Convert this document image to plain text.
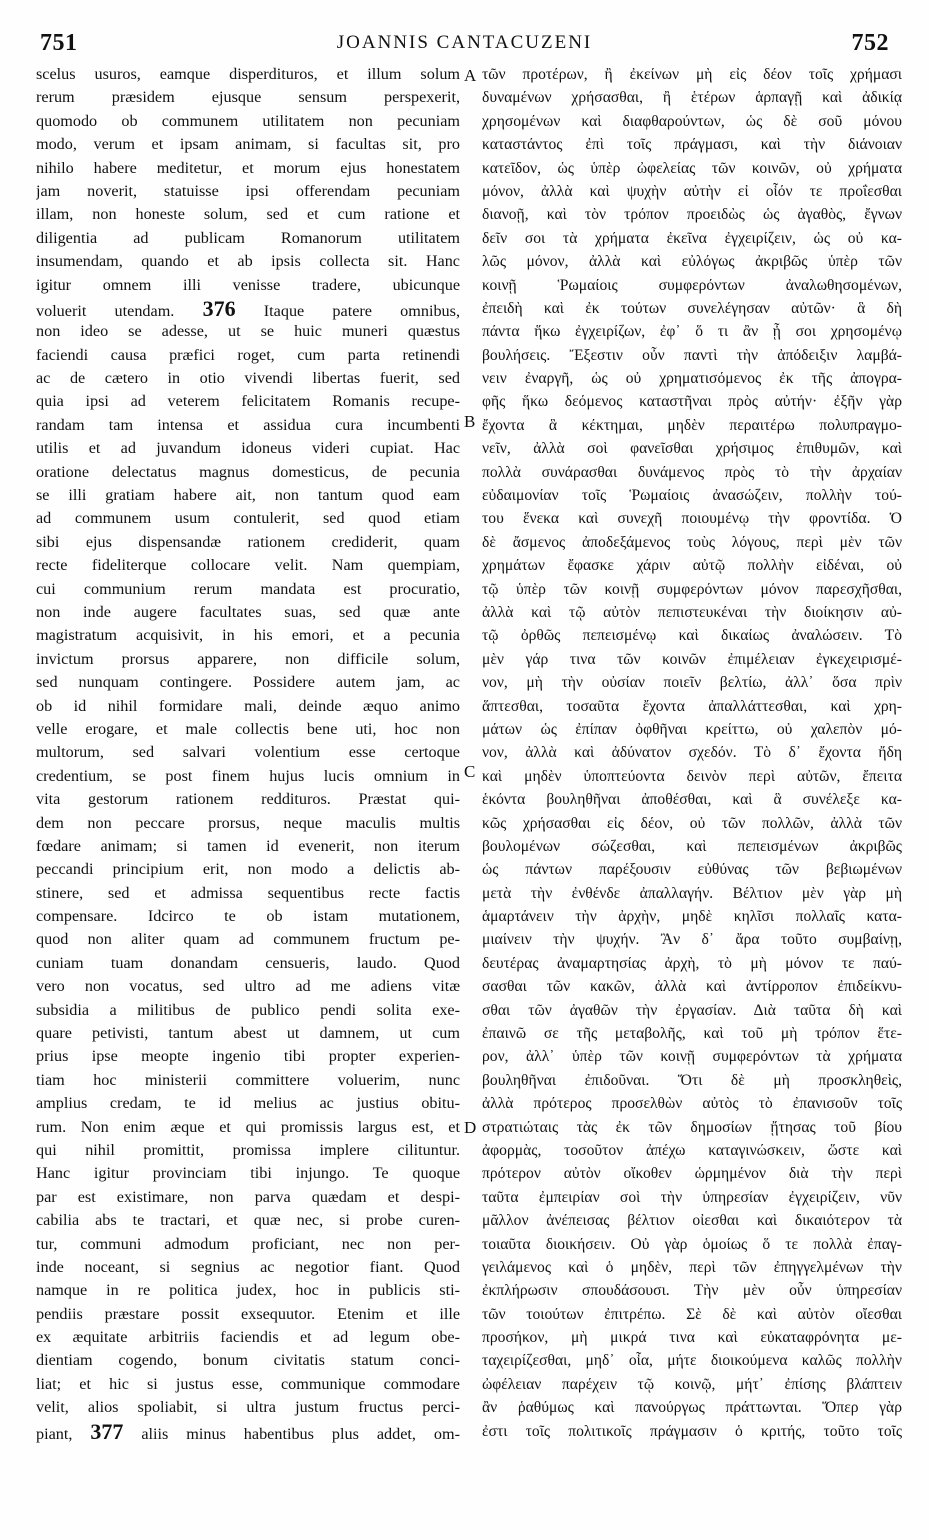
751	JOANNIS CANTACUZENI	752
A
B
C
D
scelus usuros, eamque disperdituros, et illum solum
rerum præsidem ejusque sensum perspexerit,
quomodo ob communem utilitatem non pecuniam
modo, verum et ipsam animam, si facultas sit, pro
nihilo habere meditetur, et morum ejus honestatem
jam noverit, statuisse ipsi offerendam pecuniam
illam, non honeste solum, sed et cum ratione et
diligentia ad publicam Romanorum utilitatem
insumendam, quando et ab ipsis collecta sit. Hanc
igitur omnem illi venisse tradere, ubicunque
voluerit utendam. 376 Itaque patere omnibus,
non ideo se adesse, ut se huic muneri quæstus
faciendi causa præfici roget, cum parta retinendi
ac de cætero in otio vivendi libertas fuerit, sed
quia ipsi ad veterem felicitatem Romanis recupe-
randam tam intensa et assidua cura incumbenti
utilis et ad juvandum idoneus videri cupiat. Hac
oratione delectatus magnus domesticus, de pecunia
se illi gratiam habere ait, non tantum quod eam
ad communem usum contulerit, sed quod etiam
sibi ejus dispensandæ rationem crediderit, quam
recte fideliterque collocare velit. Nam quempiam,
cui communium rerum mandata est procuratio,
non inde augere facultates suas, sed quæ ante
magistratum acquisivit, in his emori, et a pecunia
invictum prorsus apparere, non difficile solum,
sed nunquam contingere. Possidere autem jam, ac
ob id nihil formidare mali, deinde æquo animo
velle erogare, et male collectis bene uti, hoc non
multorum, sed salvari volentium esse certoque
credentium, se post finem hujus lucis omnium in
vita gestorum rationem reddituros. Præstat qui-
dem non peccare prorsus, neque maculis multis
fœdare animam; si tamen id evenerit, non iterum
peccandi principium erit, non modo a delictis ab-
stinere, sed et admissa sequentibus recte factis
compensare. Idcirco te ob istam mutationem,
quod non aliter quam ad communem fructum pe-
cuniam tuam donandam censueris, laudo. Quod
vero non vocatus, sed ultro ad me adiens vitæ
subsidia a militibus de publico pendi solita exe-
quare petivisti, tantum abest ut damnem, ut cum
prius ipse meopte ingenio tibi propter experien-
tiam hoc ministerii committere voluerim, nunc
amplius credam, te id melius ac justius obitu-
rum. Non enim æque et qui promissis largus est, et
qui nihil promittit, promissa implere cilituntur.
Hanc igitur provinciam tibi injungo. Te quoque
par est existimare, non parva quædam et despi-
cabilia abs te tractari, et quæ nec, si probe curen-
tur, communi admodum proficiant, nec non per-
inde noceant, si segnius ac negotior fiant. Quod
namque in re politica judex, hoc in publicis sti-
pendiis præstare possit exsequutor. Etenim et ille
ex æquitate arbitriis faciendis et ad legum obe-
dientiam cogendo, bonum civitatis statum conci-
liat; et hic si justus esse, communique commodare
velit, alios spoliabit, si ultra justum fructus perci-
piant, 377 aliis minus habentibus plus addet, om-
τῶν προτέρων, ἢ ἐκείνων μὴ εἰς δέον τοῖς χρήμασι
δυναμένων χρήσασθαι, ἢ ἑτέρων ἁρπαγῇ καὶ ἀδικίᾳ
χρησομένων καὶ διαφθαρούντων, ὡς δὲ σοῦ μόνου
καταστάντος ἐπὶ τοῖς πράγμασι, καὶ τὴν διάνοιαν
κατεῖδον, ὡς ὑπὲρ ὠφελείας τῶν κοινῶν, οὐ χρήματα
μόνον, ἀλλὰ καὶ ψυχὴν αὐτὴν εἰ οἷόν τε προΐεσθαι
διανοῇ, καὶ τὸν τρόπον προειδὼς ὡς ἀγαθὸς, ἔγνων
δεῖν σοι τὰ χρήματα ἐκεῖνα ἐγχειρίζειν, ὡς οὐ κα-
λῶς μόνον, ἀλλὰ καὶ εὐλόγως ἀκριβῶς ὑπὲρ τῶν
κοινῇ Ῥωμαίοις συμφερόντων ἀναλωθησομένων,
ἐπειδὴ καὶ ἐκ τούτων συνελέγησαν αὐτῶν· ἃ δὴ
πάντα ἥκω ἐγχειρίζων, ἐφ᾽ ὅ τι ἂν ᾖ σοι χρησομένῳ
βουλήσεις. Ἔξεστιν οὖν παντὶ τὴν ἀπόδειξιν λαμβά-
νειν ἐναργῆ, ὡς οὐ χρηματισόμενος ἐκ τῆς ἀπογρα-
φῆς ἥκω δεόμενος καταστῆναι πρὸς αὐτήν· ἐξῆν γὰρ
ἔχοντα ἃ κέκτημαι, μηδὲν περαιτέρω πολυπραγμο-
νεῖν, ἀλλὰ σοὶ φανεῖσθαι χρήσιμος ἐπιθυμῶν, καὶ
πολλὰ συνάρασθαι δυνάμενος πρὸς τὸ τὴν ἀρχαίαν
εὐδαιμονίαν τοῖς Ῥωμαίοις ἀνασώζειν, πολλὴν τού-
του ἕνεκα καὶ συνεχῆ ποιουμένῳ τὴν φροντίδα. Ὁ
δὲ ἄσμενος ἀποδεξάμενος τοὺς λόγους, περὶ μὲν τῶν
χρημάτων ἔφασκε χάριν αὐτῷ πολλὴν εἰδέναι, οὐ
τῷ ὑπὲρ τῶν κοινῇ συμφερόντων μόνον παρεσχῆσθαι,
ἀλλὰ καὶ τῷ αὐτὸν πεπιστευκέναι τὴν διοίκησιν αὐ-
τῷ ὀρθῶς πεπεισμένῳ καὶ δικαίως ἀναλώσειν. Τὸ
μὲν γάρ τινα τῶν κοινῶν ἐπιμέλειαν ἐγκεχειρισμέ-
νον, μὴ τὴν οὐσίαν ποιεῖν βελτίω, ἀλλ᾽ ὅσα πρὶν
ἅπτεσθαι, τοσαῦτα ἔχοντα ἀπαλλάττεσθαι, καὶ χρη-
μάτων ὡς ἐπίπαν ὀφθῆναι κρείττω, οὐ χαλεπὸν μό-
νον, ἀλλὰ καὶ ἀδύνατον σχεδόν. Τὸ δ᾽ ἔχοντα ἤδη
καὶ μηδὲν ὑποπτεύοντα δεινὸν περὶ αὐτῶν, ἔπειτα
ἑκόντα βουληθῆναι ἀποθέσθαι, καὶ ἃ συνέλεξε κα-
κῶς χρήσασθαι εἰς δέον, οὐ τῶν πολλῶν, ἀλλὰ τῶν
βουλομένων σώζεσθαι, καὶ πεπεισμένων ἀκριβῶς
ὡς πάντων παρέξουσιν εὐθύνας τῶν βεβιωμένων
μετὰ τὴν ἐνθένδε ἀπαλλαγήν. Βέλτιον μὲν γὰρ μὴ
ἁμαρτάνειν τὴν ἀρχὴν, μηδὲ κηλῖσι πολλαῖς κατα-
μιαίνειν τὴν ψυχήν. Ἂν δ᾽ ἄρα τοῦτο συμβαίνῃ,
δευτέρας ἀναμαρτησίας ἀρχὴ, τὸ μὴ μόνον τε παύ-
σασθαι τῶν κακῶν, ἀλλὰ καὶ ἀντίρροπον ἐπιδείκνυ-
σθαι τῶν ἀγαθῶν τὴν ἐργασίαν. Διὰ ταῦτα δὴ καὶ
ἐπαινῶ σε τῆς μεταβολῆς, καὶ τοῦ μὴ τρόπον ἕτε-
ρον, ἀλλ᾽ ὑπὲρ τῶν κοινῇ συμφερόντων τὰ χρήματα
βουληθῆναι ἐπιδοῦναι. Ὅτι δὲ μὴ προσκληθεὶς,
ἀλλὰ πρότερος προσελθὼν αὐτὸς τὸ ἐπανισοῦν τοῖς
στρατιώταις τὰς ἐκ τῶν δημοσίων ᾔτησας τοῦ βίου
ἀφορμὰς, τοσοῦτον ἀπέχω καταγινώσκειν, ὥστε καὶ
πρότερον αὐτὸν οἴκοθεν ὡρμημένον διὰ τὴν περὶ
ταῦτα ἐμπειρίαν σοὶ τὴν ὑπηρεσίαν ἐγχειρίζειν, νῦν
μᾶλλον ἀνέπεισας βέλτιον οἰεσθαι καὶ δικαιότερον τὰ
τοιαῦτα διοικήσειν. Οὐ γὰρ ὁμοίως ὅ τε πολλὰ ἐπαγ-
γειλάμενος καὶ ὁ μηδὲν, περὶ τῶν ἐπηγγελμένων τὴν
ἐκπλήρωσιν σπουδάσουσι. Τὴν μὲν οὖν ὑπηρεσίαν
τῶν τοιούτων ἐπιτρέπω. Σὲ δὲ καὶ αὐτὸν οἴεσθαι
προσήκον, μὴ μικρά τινα καὶ εὐκαταφρόνητα με-
ταχειρίζεσθαι, μηδ᾽ οἷα, μήτε διοικούμενα καλῶς πολλὴν
ὠφέλειαν παρέχειν τῷ κοινῷ, μήτ᾽ ἐπίσης βλάπτειν
ἂν ῥαθύμως καὶ πανούργως πράττωνται. Ὅπερ γὰρ
ἐστι τοῖς πολιτικοῖς πράγμασιν ὁ κριτής, τοῦτο τοῖς
